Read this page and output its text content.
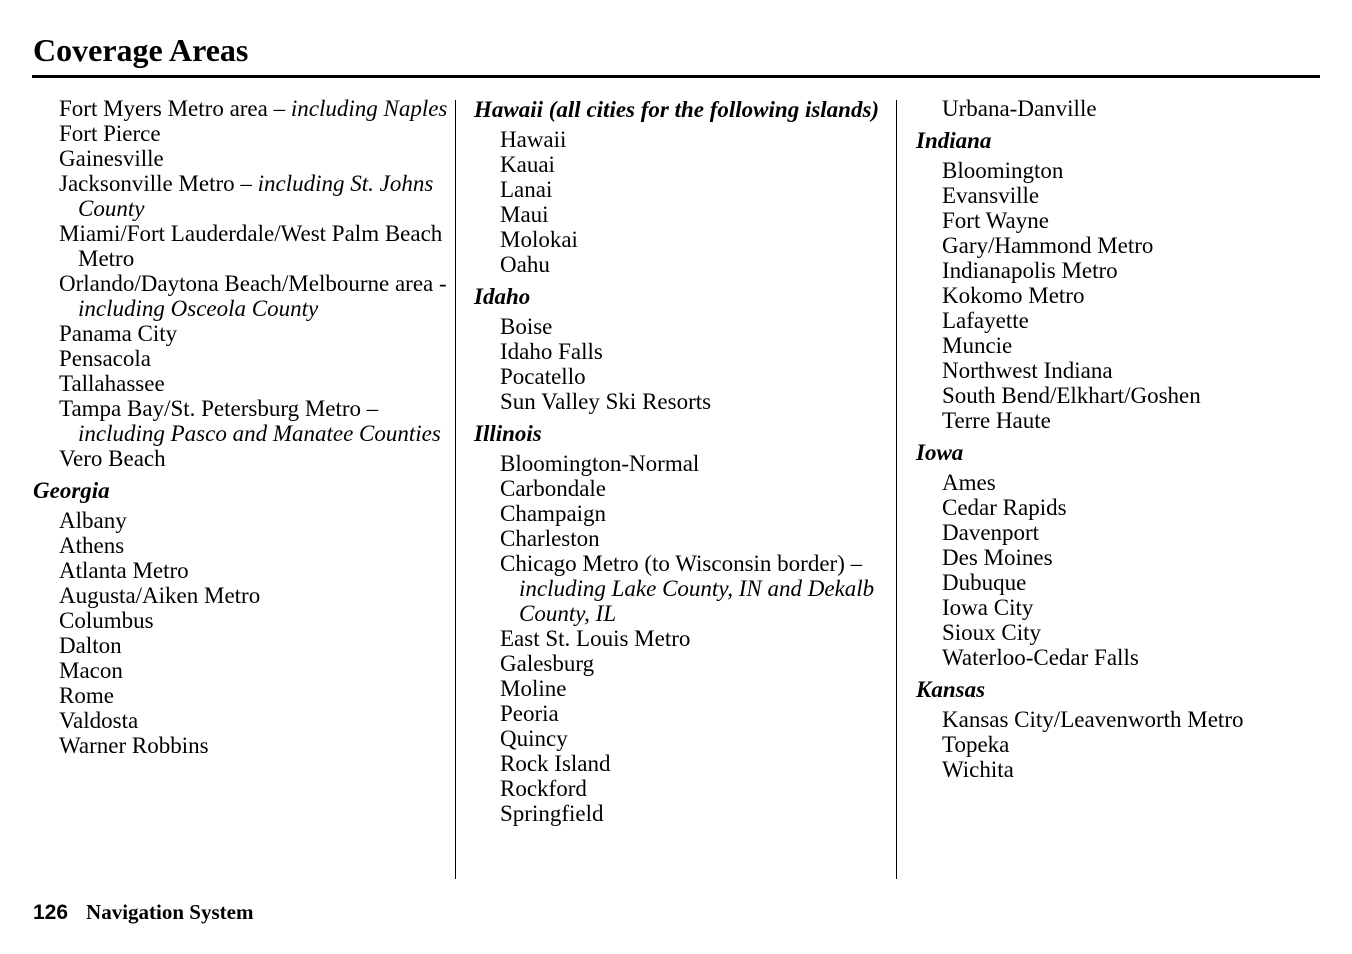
Coverage Areas
Fort Myers Metro area – including Naples
Fort Pierce
Gainesville
Jacksonville Metro – including St. Johns County
Miami/Fort Lauderdale/West Palm Beach Metro
Orlando/Daytona Beach/Melbourne area - including Osceola County
Panama City
Pensacola
Tallahassee
Tampa Bay/St. Petersburg Metro – including Pasco and Manatee Counties
Vero Beach
Georgia
Albany
Athens
Atlanta Metro
Augusta/Aiken Metro
Columbus
Dalton
Macon
Rome
Valdosta
Warner Robbins
Hawaii (all cities for the following islands)
Hawaii
Kauai
Lanai
Maui
Molokai
Oahu
Idaho
Boise
Idaho Falls
Pocatello
Sun Valley Ski Resorts
Illinois
Bloomington-Normal
Carbondale
Champaign
Charleston
Chicago Metro (to Wisconsin border) – including Lake County, IN and Dekalb County, IL
East St. Louis Metro
Galesburg
Moline
Peoria
Quincy
Rock Island
Rockford
Springfield
Urbana-Danville
Indiana
Bloomington
Evansville
Fort Wayne
Gary/Hammond Metro
Indianapolis Metro
Kokomo Metro
Lafayette
Muncie
Northwest Indiana
South Bend/Elkhart/Goshen
Terre Haute
Iowa
Ames
Cedar Rapids
Davenport
Des Moines
Dubuque
Iowa City
Sioux City
Waterloo-Cedar Falls
Kansas
Kansas City/Leavenworth Metro
Topeka
Wichita
126 Navigation System
